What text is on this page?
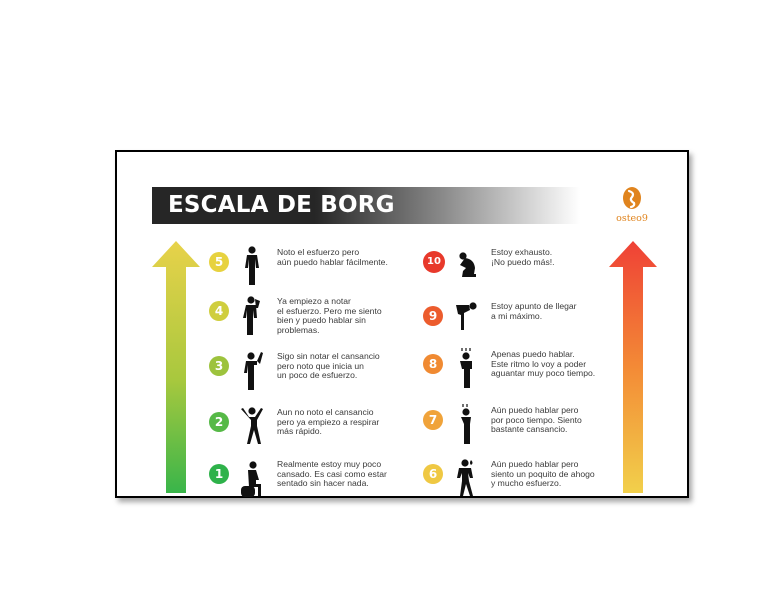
ESCALA DE BORG
osteo9
5
Noto el esfuerzo pero
aún puedo hablar fácilmente.
4
Ya empiezo a notar
el esfuerzo. Pero me siento
bien y puedo hablar sin
problemas.
3
Sigo sin notar el cansancio
pero noto que inicia un
un poco de esfuerzo.
2
Aun no noto el cansancio
pero ya empiezo a respirar
más rápido.
1
Realmente estoy muy poco
cansado. Es casi como estar
sentado sin hacer nada.
10
Estoy exhausto.
¡No puedo más!.
9
Estoy apunto de llegar
a mi máximo.
8
Apenas puedo hablar.
Este ritmo lo voy a poder
aguantar muy poco tiempo.
7
Aún puedo hablar pero
por poco tiempo. Siento
bastante cansancio.
6
Aún puedo hablar pero
siento un poquito de ahogo
y mucho esfuerzo.
